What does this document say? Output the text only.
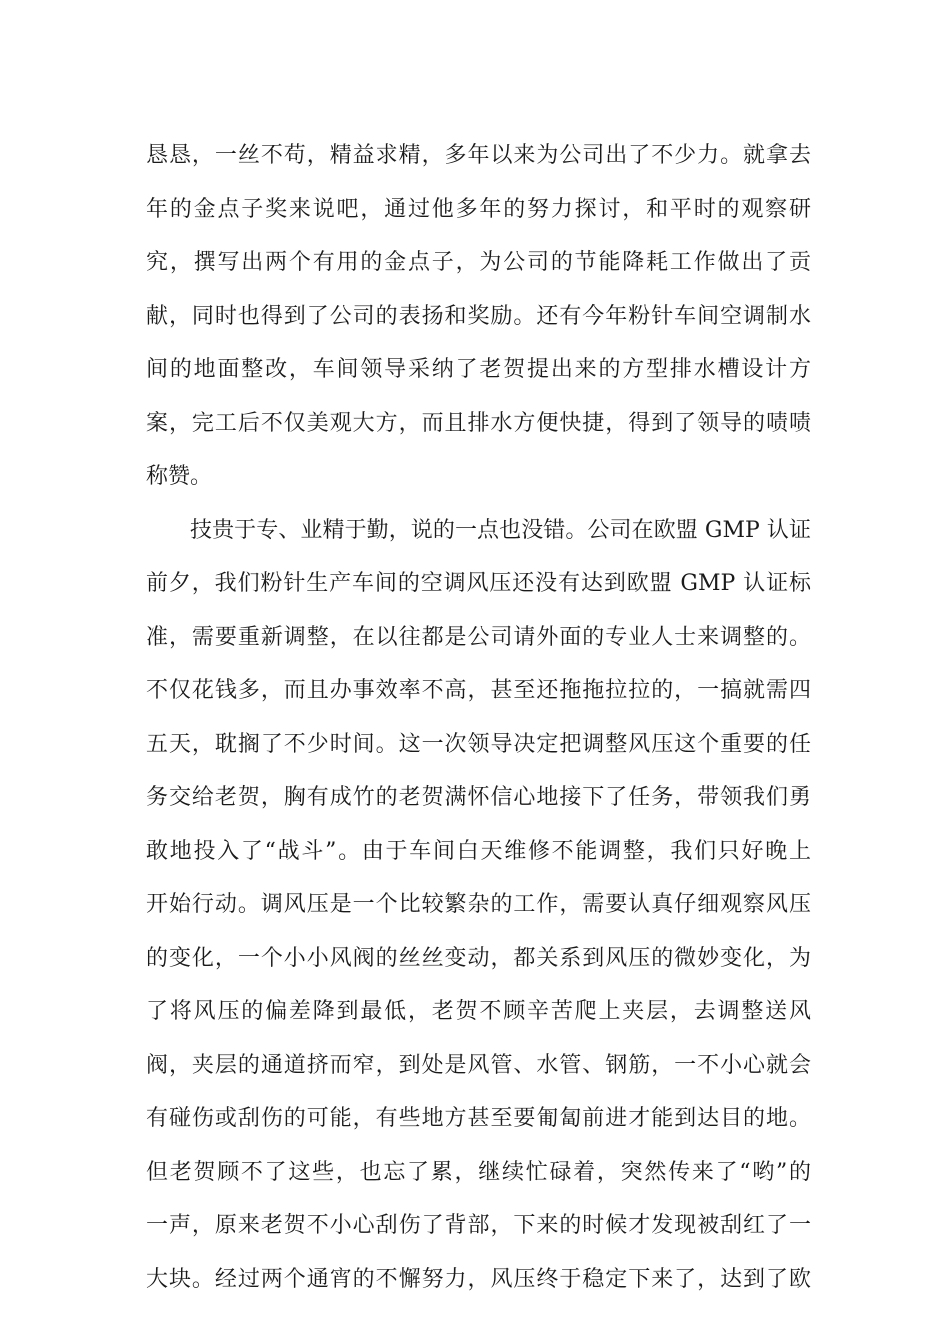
恳恳，一丝不苟，精益求精，多年以来为公司出了不少力。就拿去
年的金点子奖来说吧，通过他多年的努力探讨，和平时的观察研
究，撰写出两个有用的金点子，为公司的节能降耗工作做出了贡
献，同时也得到了公司的表扬和奖励。还有今年粉针车间空调制水
间的地面整改，车间领导采纳了老贺提出来的方型排水槽设计方
案，完工后不仅美观大方，而且排水方便快捷，得到了领导的啧啧
称赞。
技贵于专、业精于勤，说的一点也没错。公司在欧盟 GMP 认证
前夕，我们粉针生产车间的空调风压还没有达到欧盟 GMP 认证标
准，需要重新调整，在以往都是公司请外面的专业人士来调整的。
不仅花钱多，而且办事效率不高，甚至还拖拖拉拉的，一搞就需四
五天，耽搁了不少时间。这一次领导决定把调整风压这个重要的任
务交给老贺，胸有成竹的老贺满怀信心地接下了任务，带领我们勇
敢地投入了“战斗”。由于车间白天维修不能调整，我们只好晚上
开始行动。调风压是一个比较繁杂的工作，需要认真仔细观察风压
的变化，一个小小风阀的丝丝变动，都关系到风压的微妙变化，为
了将风压的偏差降到最低，老贺不顾辛苦爬上夹层，去调整送风
阀，夹层的通道挤而窄，到处是风管、水管、钢筋，一不小心就会
有碰伤或刮伤的可能，有些地方甚至要匍匐前进才能到达目的地。
但老贺顾不了这些，也忘了累，继续忙碌着，突然传来了“哟”的
一声，原来老贺不小心刮伤了背部，下来的时候才发现被刮红了一
大块。经过两个通宵的不懈努力，风压终于稳定下来了，达到了欧
